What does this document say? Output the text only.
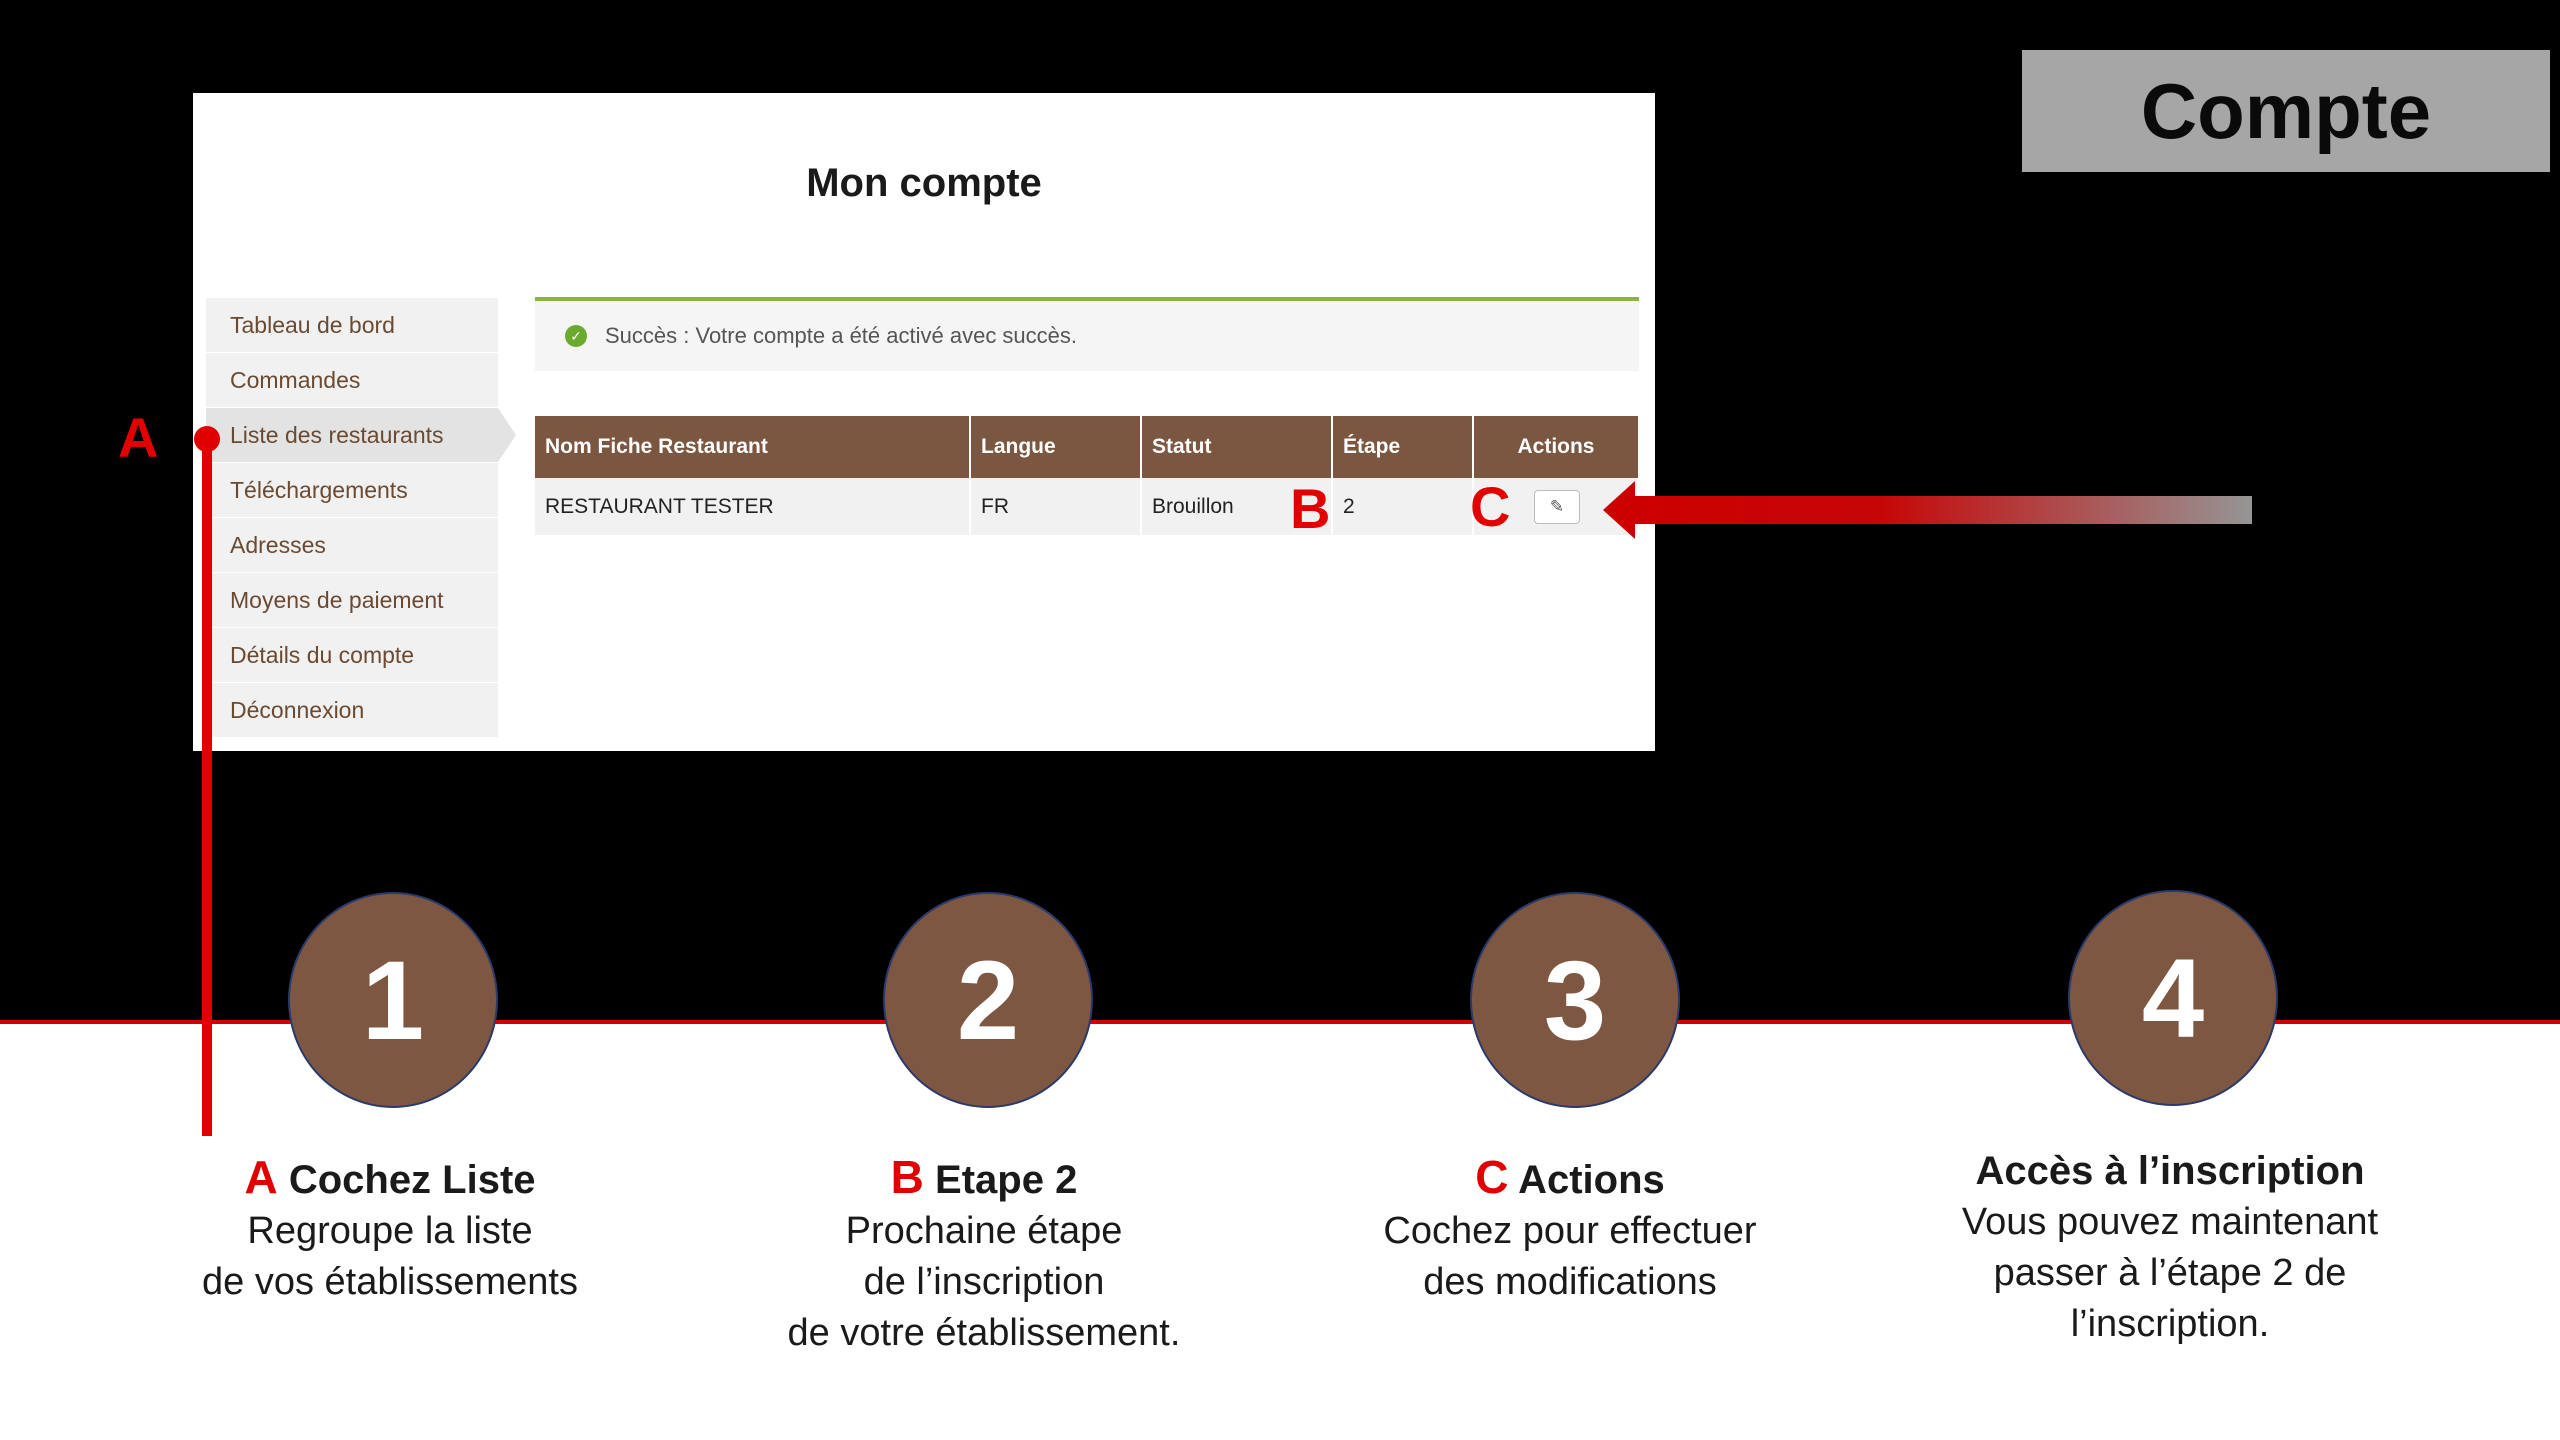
Compte
Mon compte
Tableau de bord
Commandes
Liste des restaurants
Téléchargements
Adresses
Moyens de paiement
Détails du compte
Déconnexion
✓ Succès : Votre compte a été activé avec succès.
Nom Fiche Restaurant	Langue	Statut	Étape	Actions
RESTAURANT TESTER	FR	Brouillon	2	✎
A
B C
1	2	3	4
A Cochez Liste
Regroupe la liste
de vos établissements
B Etape 2
Prochaine étape
de l’inscription
de votre établissement.
C Actions
Cochez pour effectuer
des modifications
Accès à l’inscription
Vous pouvez maintenant
passer à l’étape 2 de
l’inscription.
